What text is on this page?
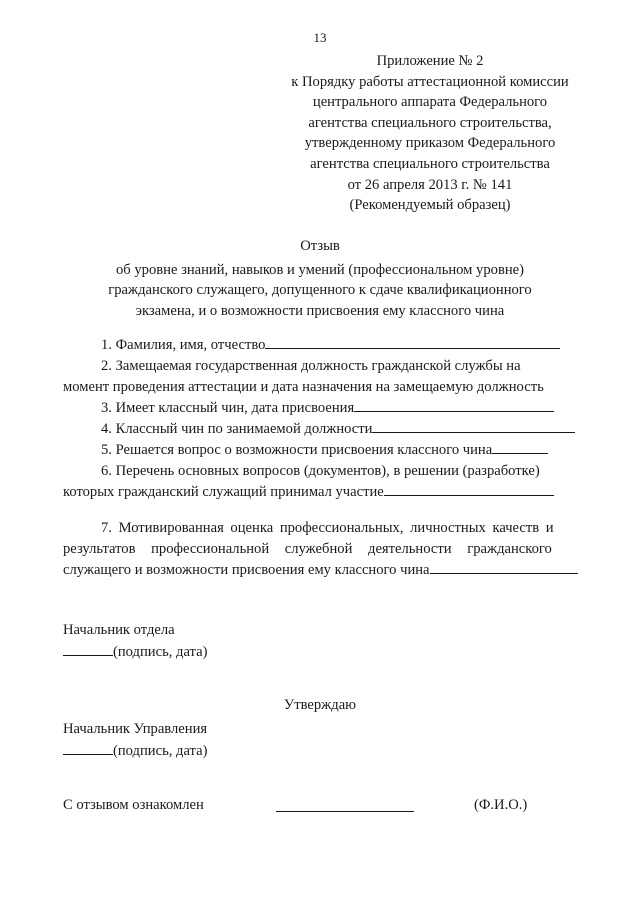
13
Приложение № 2
к Порядку работы аттестационной комиссии
центрального аппарата Федерального
агентства специального строительства,
утвержденному приказом Федерального
агентства специального строительства
от 26 апреля 2013 г. № 141
(Рекомендуемый образец)
Отзыв
об уровне знаний, навыков и умений (профессиональном уровне)
гражданского служащего, допущенного к сдаче квалификационного
экзамена, и о возможности присвоения ему классного чина
1. Фамилия, имя, отчество
2. Замещаемая государственная должность гражданской службы на
момент проведения аттестации и дата назначения на замещаемую должность
3. Имеет классный чин, дата присвоения
4. Классный чин по занимаемой должности
5. Решается вопрос о возможности присвоения классного чина
6. Перечень основных вопросов (документов), в решении (разработке)
которых гражданский служащий принимал участие
7. Мотивированная оценка профессиональных, личностных качеств и
результатов профессиональной служебной деятельности гражданского
служащего и возможности присвоения ему классного чина
Начальник отдела
(подпись, дата)
Утверждаю
Начальник Управления
(подпись, дата)
С отзывом ознакомлен	(Ф.И.О.)
